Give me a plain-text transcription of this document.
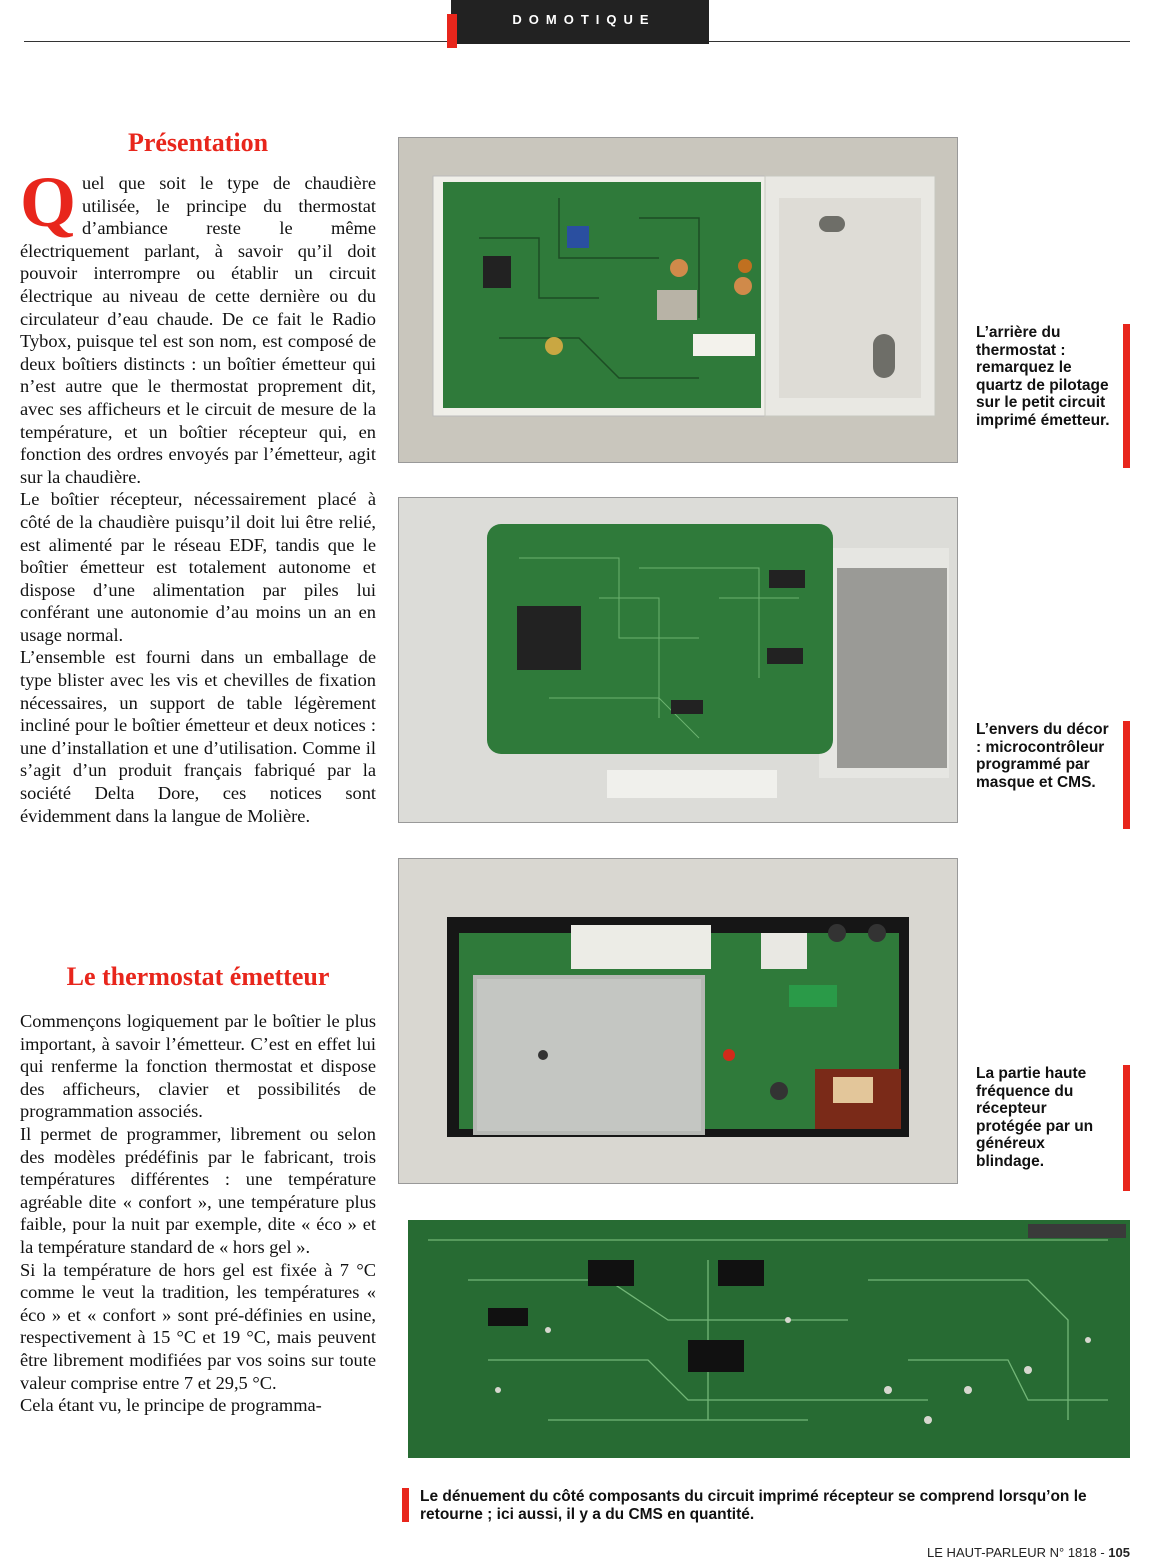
DOMOTIQUE
Présentation

Quel que soit le type de chaudière utilisée, le principe du thermostat d’ambiance reste le même électriquement parlant, à savoir qu’il doit pouvoir interrompre ou établir un circuit électrique au niveau de cette dernière ou du circulateur d’eau chaude. De ce fait le Radio Tybox, puisque tel est son nom, est composé de deux boîtiers distincts : un boîtier émetteur qui n’est autre que le thermostat proprement dit, avec ses afficheurs et le circuit de mesure de la température, et un boîtier récepteur qui, en fonction des ordres envoyés par l’émetteur, agit sur la chaudière.

Le boîtier récepteur, nécessairement placé à côté de la chaudière puisqu’il doit lui être relié, est alimenté par le réseau EDF, tandis que le boîtier émetteur est totalement autonome et dispose d’une alimentation par piles lui conférant une autonomie d’au moins un an en usage normal.

L’ensemble est fourni dans un emballage de type blister avec les vis et chevilles de fixation nécessaires, un support de table légèrement incliné pour le boîtier émetteur et deux notices : une d’installation et une d’utilisation. Comme il s’agit d’un produit français fabriqué par la société Delta Dore, ces notices sont évidemment dans la langue de Molière.

Le thermostat émetteur

Commençons logiquement par le boîtier le plus important, à savoir l’émetteur. C’est en effet lui qui renferme la fonction thermostat et dispose des afficheurs, clavier et possibilités de programmation associés.

Il permet de programmer, librement ou selon des modèles prédéfinis par le fabricant, trois températures différentes : une température agréable dite « confort », une température plus faible, pour la nuit par exemple, dite « éco » et la température standard de « hors gel ».

Si la température de hors gel est fixée à 7 °C comme le veut la tradition, les températures « éco » et « confort » sont pré-définies en usine, respectivement à 15 °C et 19 °C, mais peuvent être librement modifiées par vos soins sur toute valeur comprise entre 7 et 29,5 °C.

Cela étant vu, le principe de programma-

L’arrière du thermostat : remarquez le quartz de pilotage sur le petit circuit imprimé émetteur.
L’envers du décor : microcontrôleur programmé par masque et CMS.
La partie haute fréquence du récepteur protégée par un généreux blindage.
Le dénuement du côté composants du circuit imprimé récepteur se comprend lorsqu’on le retourne ; ici aussi, il y a du CMS en quantité.
LE HAUT-PARLEUR N° 1818 - 105
